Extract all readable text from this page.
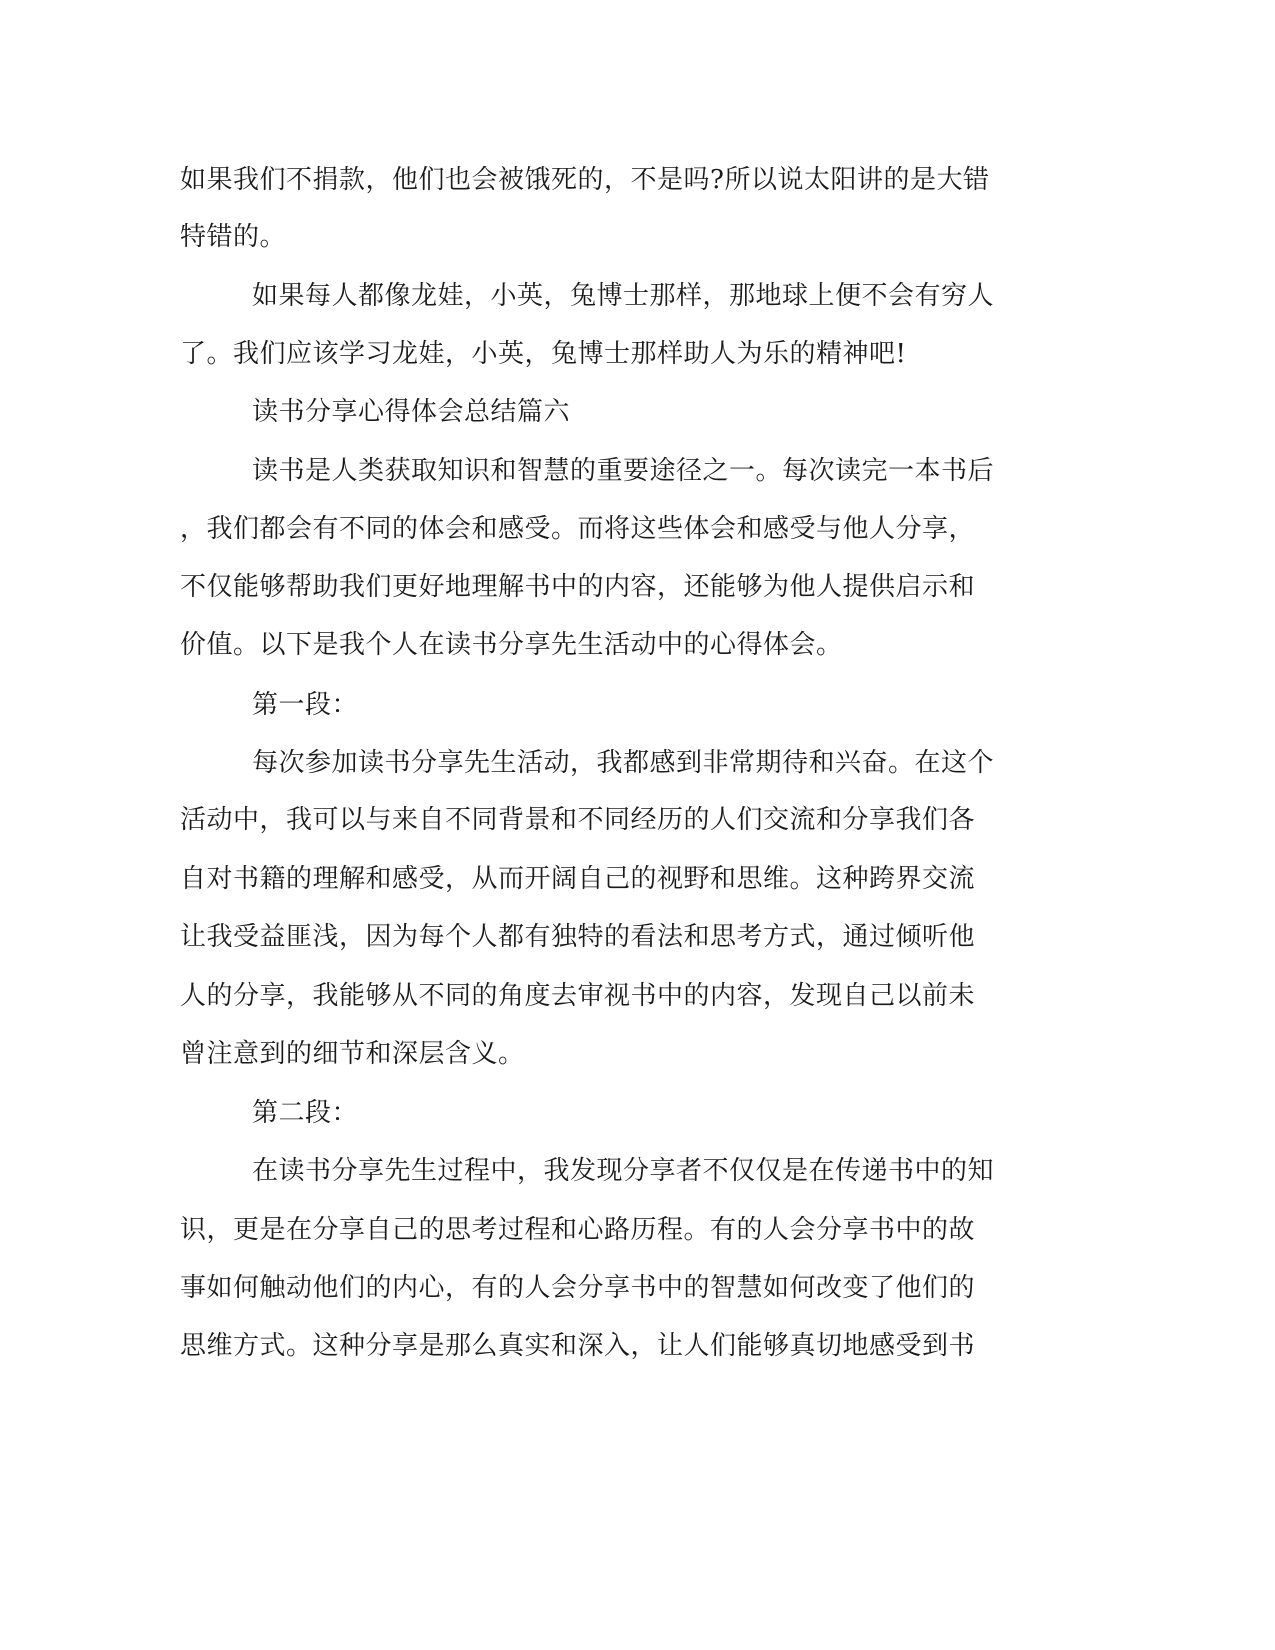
如果我们不捐款，他们也会被饿死的，不是吗?所以说太阳讲的是大错
特错的。
如果每人都像龙娃，小英，兔博士那样，那地球上便不会有穷人
了。我们应该学习龙娃，小英，兔博士那样助人为乐的精神吧!
读书分享心得体会总结篇六
读书是人类获取知识和智慧的重要途径之一。每次读完一本书后
，我们都会有不同的体会和感受。而将这些体会和感受与他人分享，
不仅能够帮助我们更好地理解书中的内容，还能够为他人提供启示和
价值。以下是我个人在读书分享先生活动中的心得体会。
第一段：
每次参加读书分享先生活动，我都感到非常期待和兴奋。在这个
活动中，我可以与来自不同背景和不同经历的人们交流和分享我们各
自对书籍的理解和感受，从而开阔自己的视野和思维。这种跨界交流
让我受益匪浅，因为每个人都有独特的看法和思考方式，通过倾听他
人的分享，我能够从不同的角度去审视书中的内容，发现自己以前未
曾注意到的细节和深层含义。
第二段：
在读书分享先生过程中，我发现分享者不仅仅是在传递书中的知
识，更是在分享自己的思考过程和心路历程。有的人会分享书中的故
事如何触动他们的内心，有的人会分享书中的智慧如何改变了他们的
思维方式。这种分享是那么真实和深入，让人们能够真切地感受到书
